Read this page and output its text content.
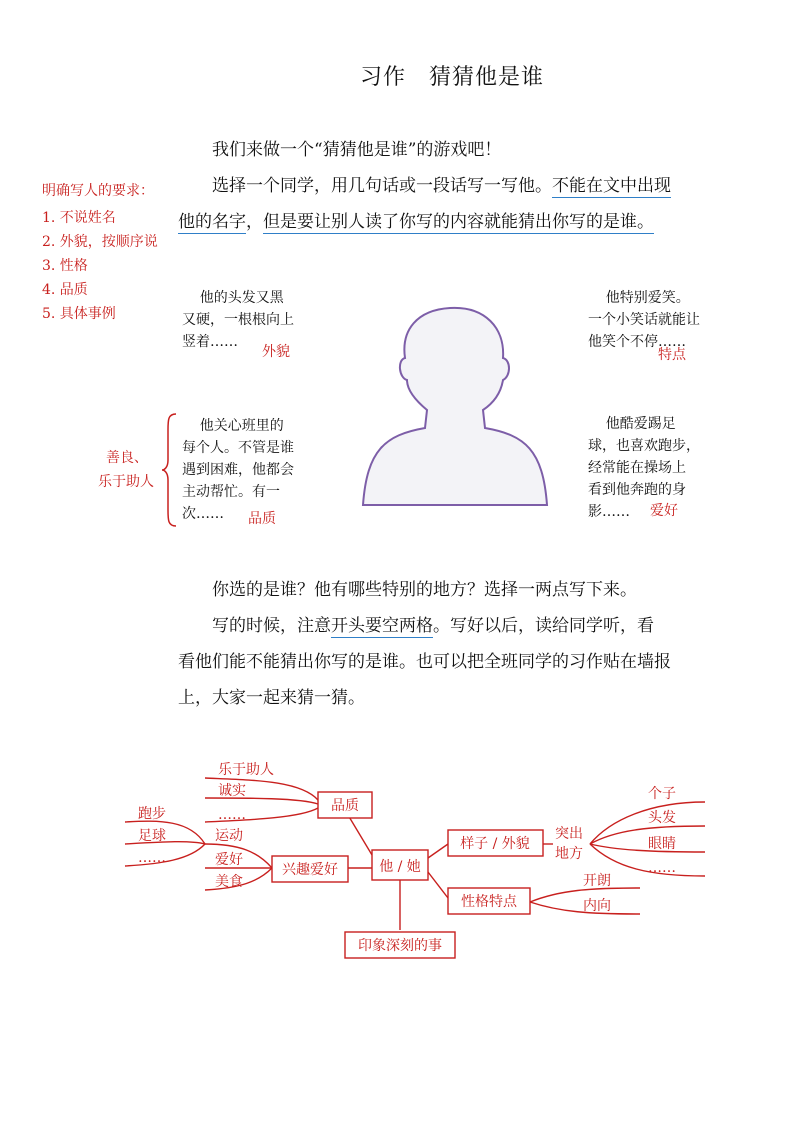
习作　猜猜他是谁
我们来做一个“猜猜他是谁”的游戏吧！
选择一个同学，用几句话或一段话写一写他。不能在文中出现
他的名字，但是要让别人读了你写的内容就能猜出你写的是谁。
明确写人的要求：
1. 不说姓名
2. 外貌，按顺序说
3. 性格
4. 品质
5. 具体事例
他的头发又黑
又硬，一根根向上
竖着……
外貌
他特别爱笑。
一个小笑话就能让
他笑个不停……
特点
他关心班里的
每个人。不管是谁
遇到困难，他都会
主动帮忙。有一
次……	品质
他酷爱踢足
球，也喜欢跑步，
经常能在操场上
看到他奔跑的身
影……	爱好
善良、
乐于助人
你选的是谁？他有哪些特别的地方？选择一两点写下来。
写的时候，注意开头要空两格。写好以后，读给同学听，看
看他们能不能猜出你写的是谁。也可以把全班同学的习作贴在墙报
上，大家一起来猜一猜。
他 / 她
品质
兴趣爱好
样子 / 外貌
性格特点
印象深刻的事
乐于助人
诚实
……
运动
爱好
美食
跑步
足球
……
突出
地方
个子
头发
眼睛
……
开朗
内向
